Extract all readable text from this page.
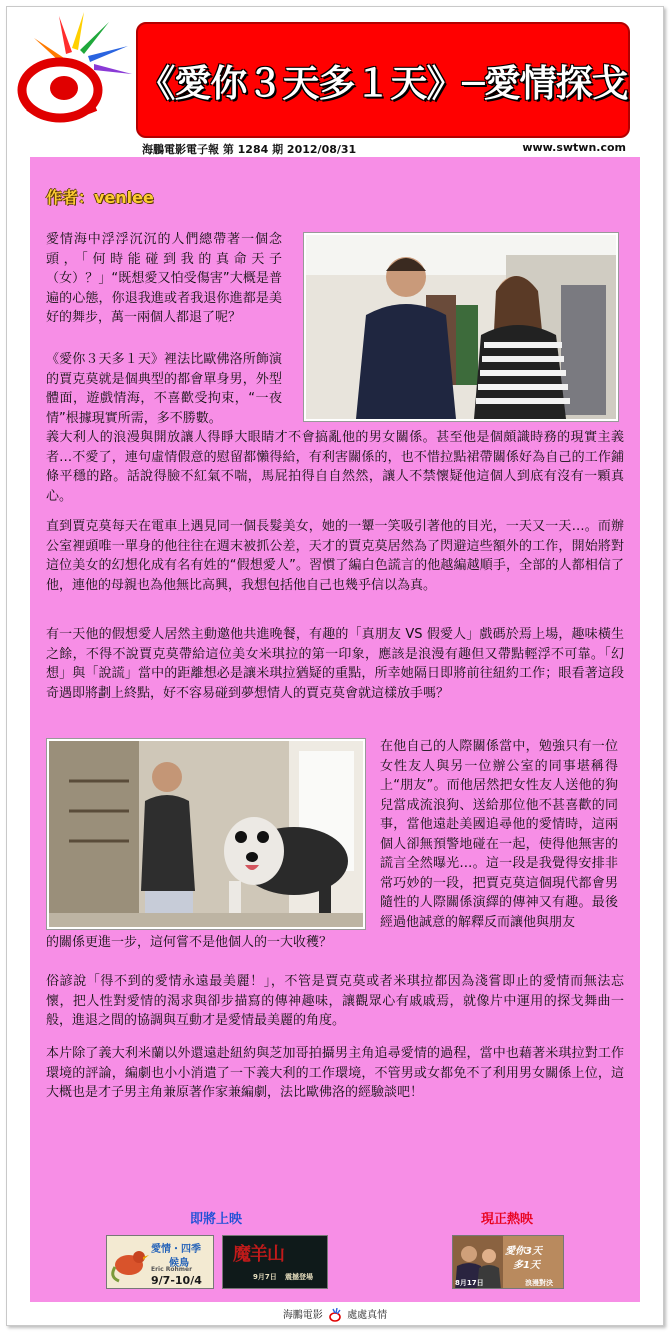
《愛你３天多１天》─愛情探戈
海鵬電影電子報 第 1284 期 2012/08/31	www.swtwn.com
作者：venlee
愛情海中浮浮沉沉的人們總帶著一個念頭，「何時能碰到我的真命天子（女）？」“既想愛又怕受傷害”大概是普遍的心態，你退我進或者我退你進都是美好的舞步，萬一兩個人都退了呢？
《愛你３天多１天》裡法比歐佛洛所飾演的賈克莫就是個典型的都會單身男，外型體面，遊戲情海，不喜歡受拘束，“一夜情”根據現實所需，多不勝數。
義大利人的浪漫與開放讓人得睜大眼睛才不會搞亂他的男女關係。甚至他是個頗識時務的現實主義者…不愛了，連句虛情假意的慰留都懶得給，有利害關係的，也不惜拉點裙帶關係好為自己的工作鋪條平穩的路。話說得臉不紅氣不喘，馬屁拍得自自然然，讓人不禁懷疑他這個人到底有沒有一顆真心。
直到賈克莫每天在電車上遇見同一個長髮美女，她的一顰一笑吸引著他的目光，一天又一天…。而辦公室裡頭唯一單身的他往往在週末被抓公差，天才的賈克莫居然為了閃避這些額外的工作，開始將對這位美女的幻想化成有名有姓的“假想愛人”。習慣了編白色謊言的他越編越順手，全部的人都相信了他，連他的母親也為他無比高興，我想包括他自己也幾乎信以為真。
有一天他的假想愛人居然主動邀他共進晚餐，有趣的「真朋友 VS 假愛人」戲碼於焉上場，趣味橫生之餘，不得不說賈克莫帶給這位美女米琪拉的第一印象，應該是浪漫有趣但又帶點輕浮不可靠。「幻想」與「說謊」當中的距離想必是讓米琪拉猶疑的重點，所幸她隔日即將前往紐約工作；眼看著這段奇遇即將劃上終點，好不容易碰到夢想情人的賈克莫會就這樣放手嗎？
在他自己的人際關係當中，勉強只有一位女性友人與另一位辦公室的同事堪稱得上“朋友”。而他居然把女性友人送他的狗兒當成流浪狗、送給那位他不甚喜歡的同事，當他遠赴美國追尋他的愛情時，這兩個人卻無預警地碰在一起，使得他無害的謊言全然曝光…。這一段是我覺得安排非常巧妙的一段，把賈克莫這個現代都會男隨性的人際關係演繹的傳神又有趣。最後經過他誠意的解釋反而讓他與朋友
的關係更進一步，這何嘗不是他個人的一大收穫？
俗諺說「得不到的愛情永遠最美麗！」，不管是賈克莫或者米琪拉都因為淺嘗即止的愛情而無法忘懷，把人性對愛情的渴求與卻步描寫的傳神趣味，讓觀眾心有戚戚焉，就像片中運用的探戈舞曲一般，進退之間的協調與互動才是愛情最美麗的角度。
本片除了義大利米蘭以外還遠赴紐約與芝加哥拍攝男主角追尋愛情的過程，當中也藉著米琪拉對工作環境的評論，編劇也小小消遣了一下義大利的工作環境，不管男或女都免不了利用男女關係上位，這大概也是才子男主角兼原著作家兼編劇，法比歐佛洛的經驗談吧！
即將上映
愛情・四季
候鳥
Eric Rohmer
9/7-10/4
魔羊山
9月7日 震撼登場
現正熱映
愛你3天
多1天
8月17日	浪漫對決
海鵬電影 處處真情
